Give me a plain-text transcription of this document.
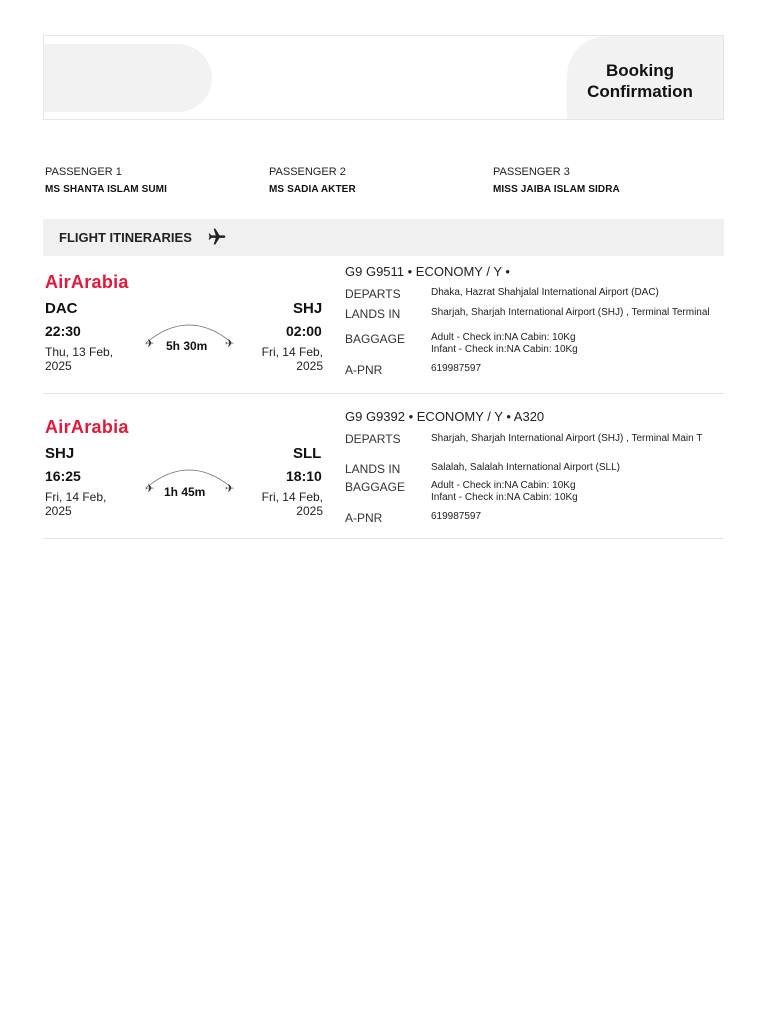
Booking Confirmation
PASSENGER 1
MS SHANTA ISLAM SUMI
PASSENGER 2
MS SADIA AKTER
PASSENGER 3
MISS JAIBA ISLAM SIDRA
FLIGHT ITINERARIES
AirArabia
DAC	SHJ
22:30	02:00
Thu, 13 Feb, 2025
Fri, 14 Feb, 2025
✈	✈
5h 30m
G9 G9511 • ECONOMY / Y •
DEPARTS	Dhaka, Hazrat Shahjalal International Airport (DAC)
LANDS IN	Sharjah, Sharjah International Airport (SHJ) , Terminal Terminal
BAGGAGE	Adult - Check in:NA Cabin: 10Kg
Infant - Check in:NA Cabin: 10Kg
A-PNR	619987597
AirArabia
SHJ	SLL
16:25	18:10
Fri, 14 Feb, 2025
Fri, 14 Feb, 2025
✈	✈
1h 45m
G9 G9392 • ECONOMY / Y • A320
DEPARTS	Sharjah, Sharjah International Airport (SHJ) , Terminal Main T
LANDS IN	Salalah, Salalah International Airport (SLL)
BAGGAGE	Adult - Check in:NA Cabin: 10Kg
Infant - Check in:NA Cabin: 10Kg
A-PNR	619987597
